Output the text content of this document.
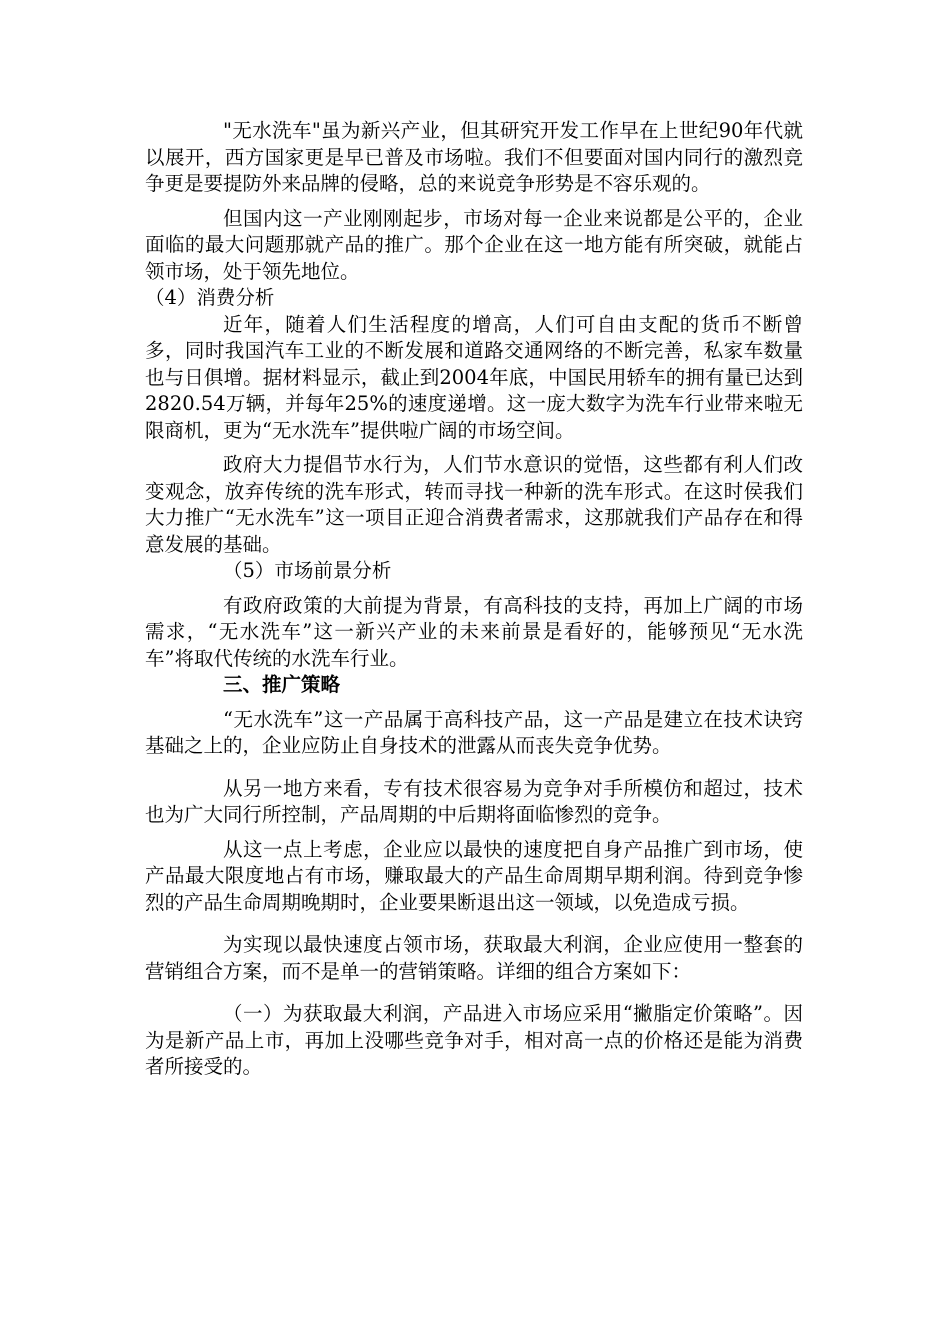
"无水洗车"虽为新兴产业，但其研究开发工作早在上世纪90年代就以展开，西方国家更是早已普及市场啦。我们不但要面对国内同行的激烈竞争更是要提防外来品牌的侵略，总的来说竞争形势是不容乐观的。

但国内这一产业刚刚起步，市场对每一企业来说都是公平的，企业面临的最大问题那就产品的推广。那个企业在这一地方能有所突破，就能占领市场，处于领先地位。

（4）消费分析

近年，随着人们生活程度的增高，人们可自由支配的货币不断曾多，同时我国汽车工业的不断发展和道路交通网络的不断完善，私家车数量也与日俱增。据材料显示，截止到2004年底，中国民用轿车的拥有量已达到2820.54万辆，并每年25%的速度递增。这一庞大数字为洗车行业带来啦无限商机，更为“无水洗车”提供啦广阔的市场空间。

政府大力提倡节水行为，人们节水意识的觉悟，这些都有利人们改变观念，放弃传统的洗车形式，转而寻找一种新的洗车形式。在这时侯我们大力推广“无水洗车”这一项目正迎合消费者需求，这那就我们产品存在和得意发展的基础。

（5）市场前景分析

有政府政策的大前提为背景，有高科技的支持，再加上广阔的市场需求，“无水洗车”这一新兴产业的未来前景是看好的，能够预见“无水洗车”将取代传统的水洗车行业。

三、推广策略

“无水洗车”这一产品属于高科技产品，这一产品是建立在技术诀窍基础之上的，企业应防止自身技术的泄露从而丧失竞争优势。

从另一地方来看，专有技术很容易为竞争对手所模仿和超过，技术也为广大同行所控制，产品周期的中后期将面临惨烈的竞争。

从这一点上考虑，企业应以最快的速度把自身产品推广到市场，使产品最大限度地占有市场，赚取最大的产品生命周期早期利润。待到竞争惨烈的产品生命周期晚期时，企业要果断退出这一领域，以免造成亏损。

为实现以最快速度占领市场，获取最大利润，企业应使用一整套的营销组合方案，而不是单一的营销策略。详细的组合方案如下：

（一）为获取最大利润，产品进入市场应采用“撇脂定价策略”。因为是新产品上市，再加上没哪些竞争对手，相对高一点的价格还是能为消费者所接受的。
